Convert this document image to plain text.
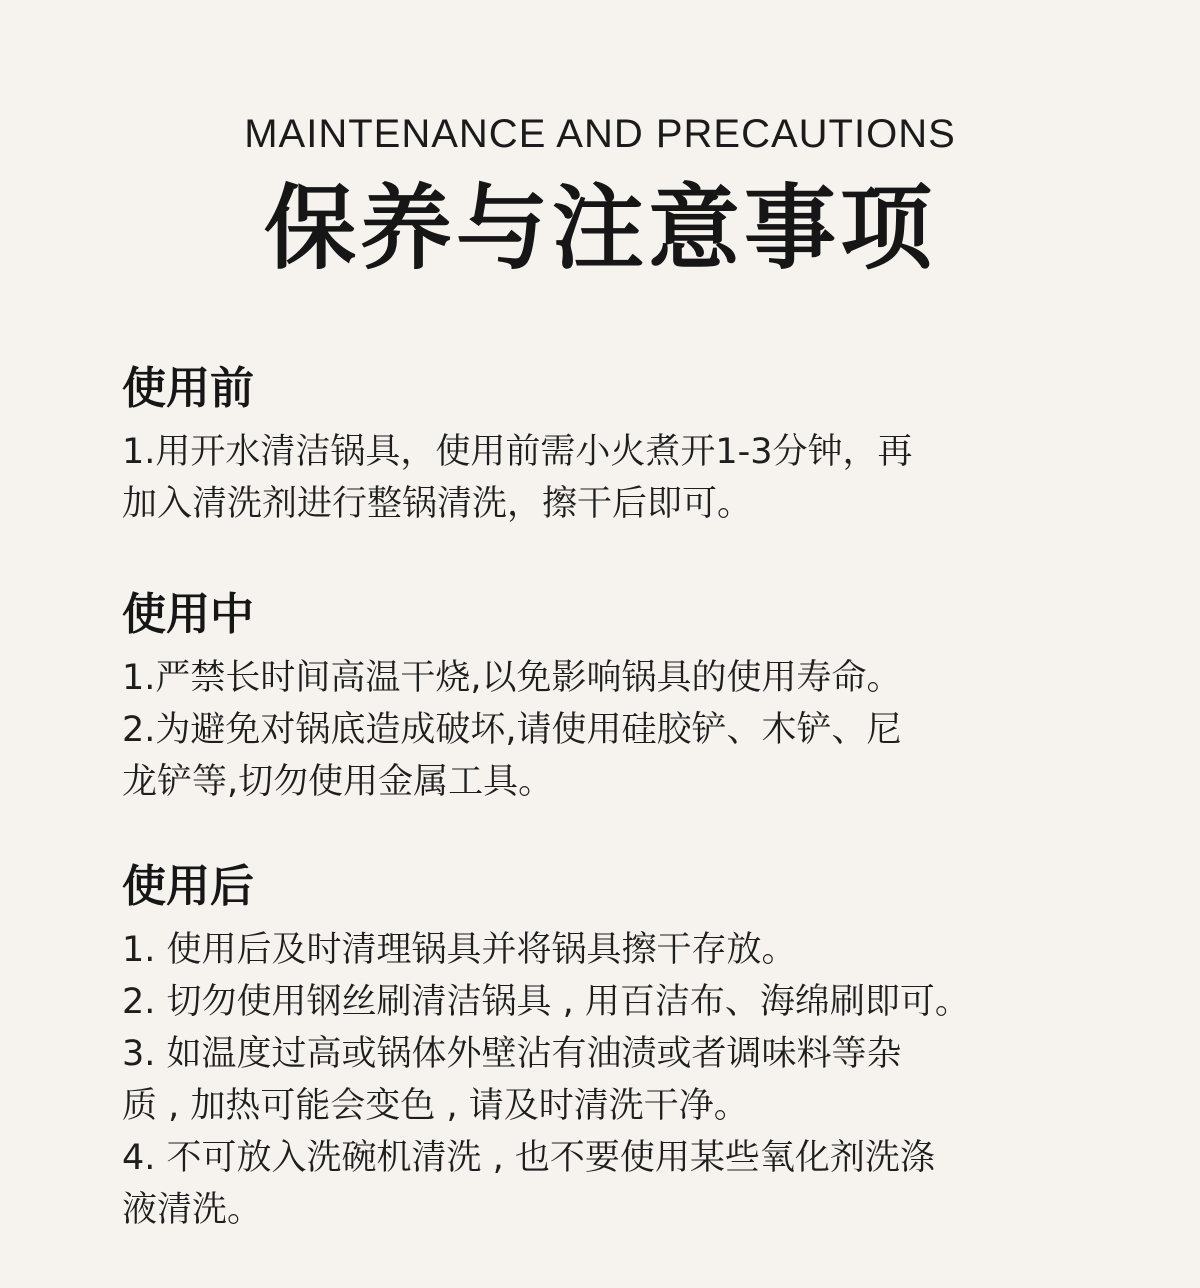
MAINTENANCE AND PRECAUTIONS

保养与注意事项
使用前

1.用开水清洁锅具，使用前需小火煮开1-3分钟，再

加入清洗剂进行整锅清洗，擦干后即可。

使用中

1.严禁长时间高温干烧,以免影响锅具的使用寿命。

2.为避免对锅底造成破坏,请使用硅胶铲、木铲、尼

龙铲等,切勿使用金属工具。

使用后

1. 使用后及时清理锅具并将锅具擦干存放。

2. 切勿使用钢丝刷清洁锅具 , 用百洁布、海绵刷即可。

3. 如温度过高或锅体外壁沾有油渍或者调味料等杂

质 , 加热可能会变色 , 请及时清洗干净。

4. 不可放入洗碗机清洗 , 也不要使用某些氧化剂洗涤

液清洗。
